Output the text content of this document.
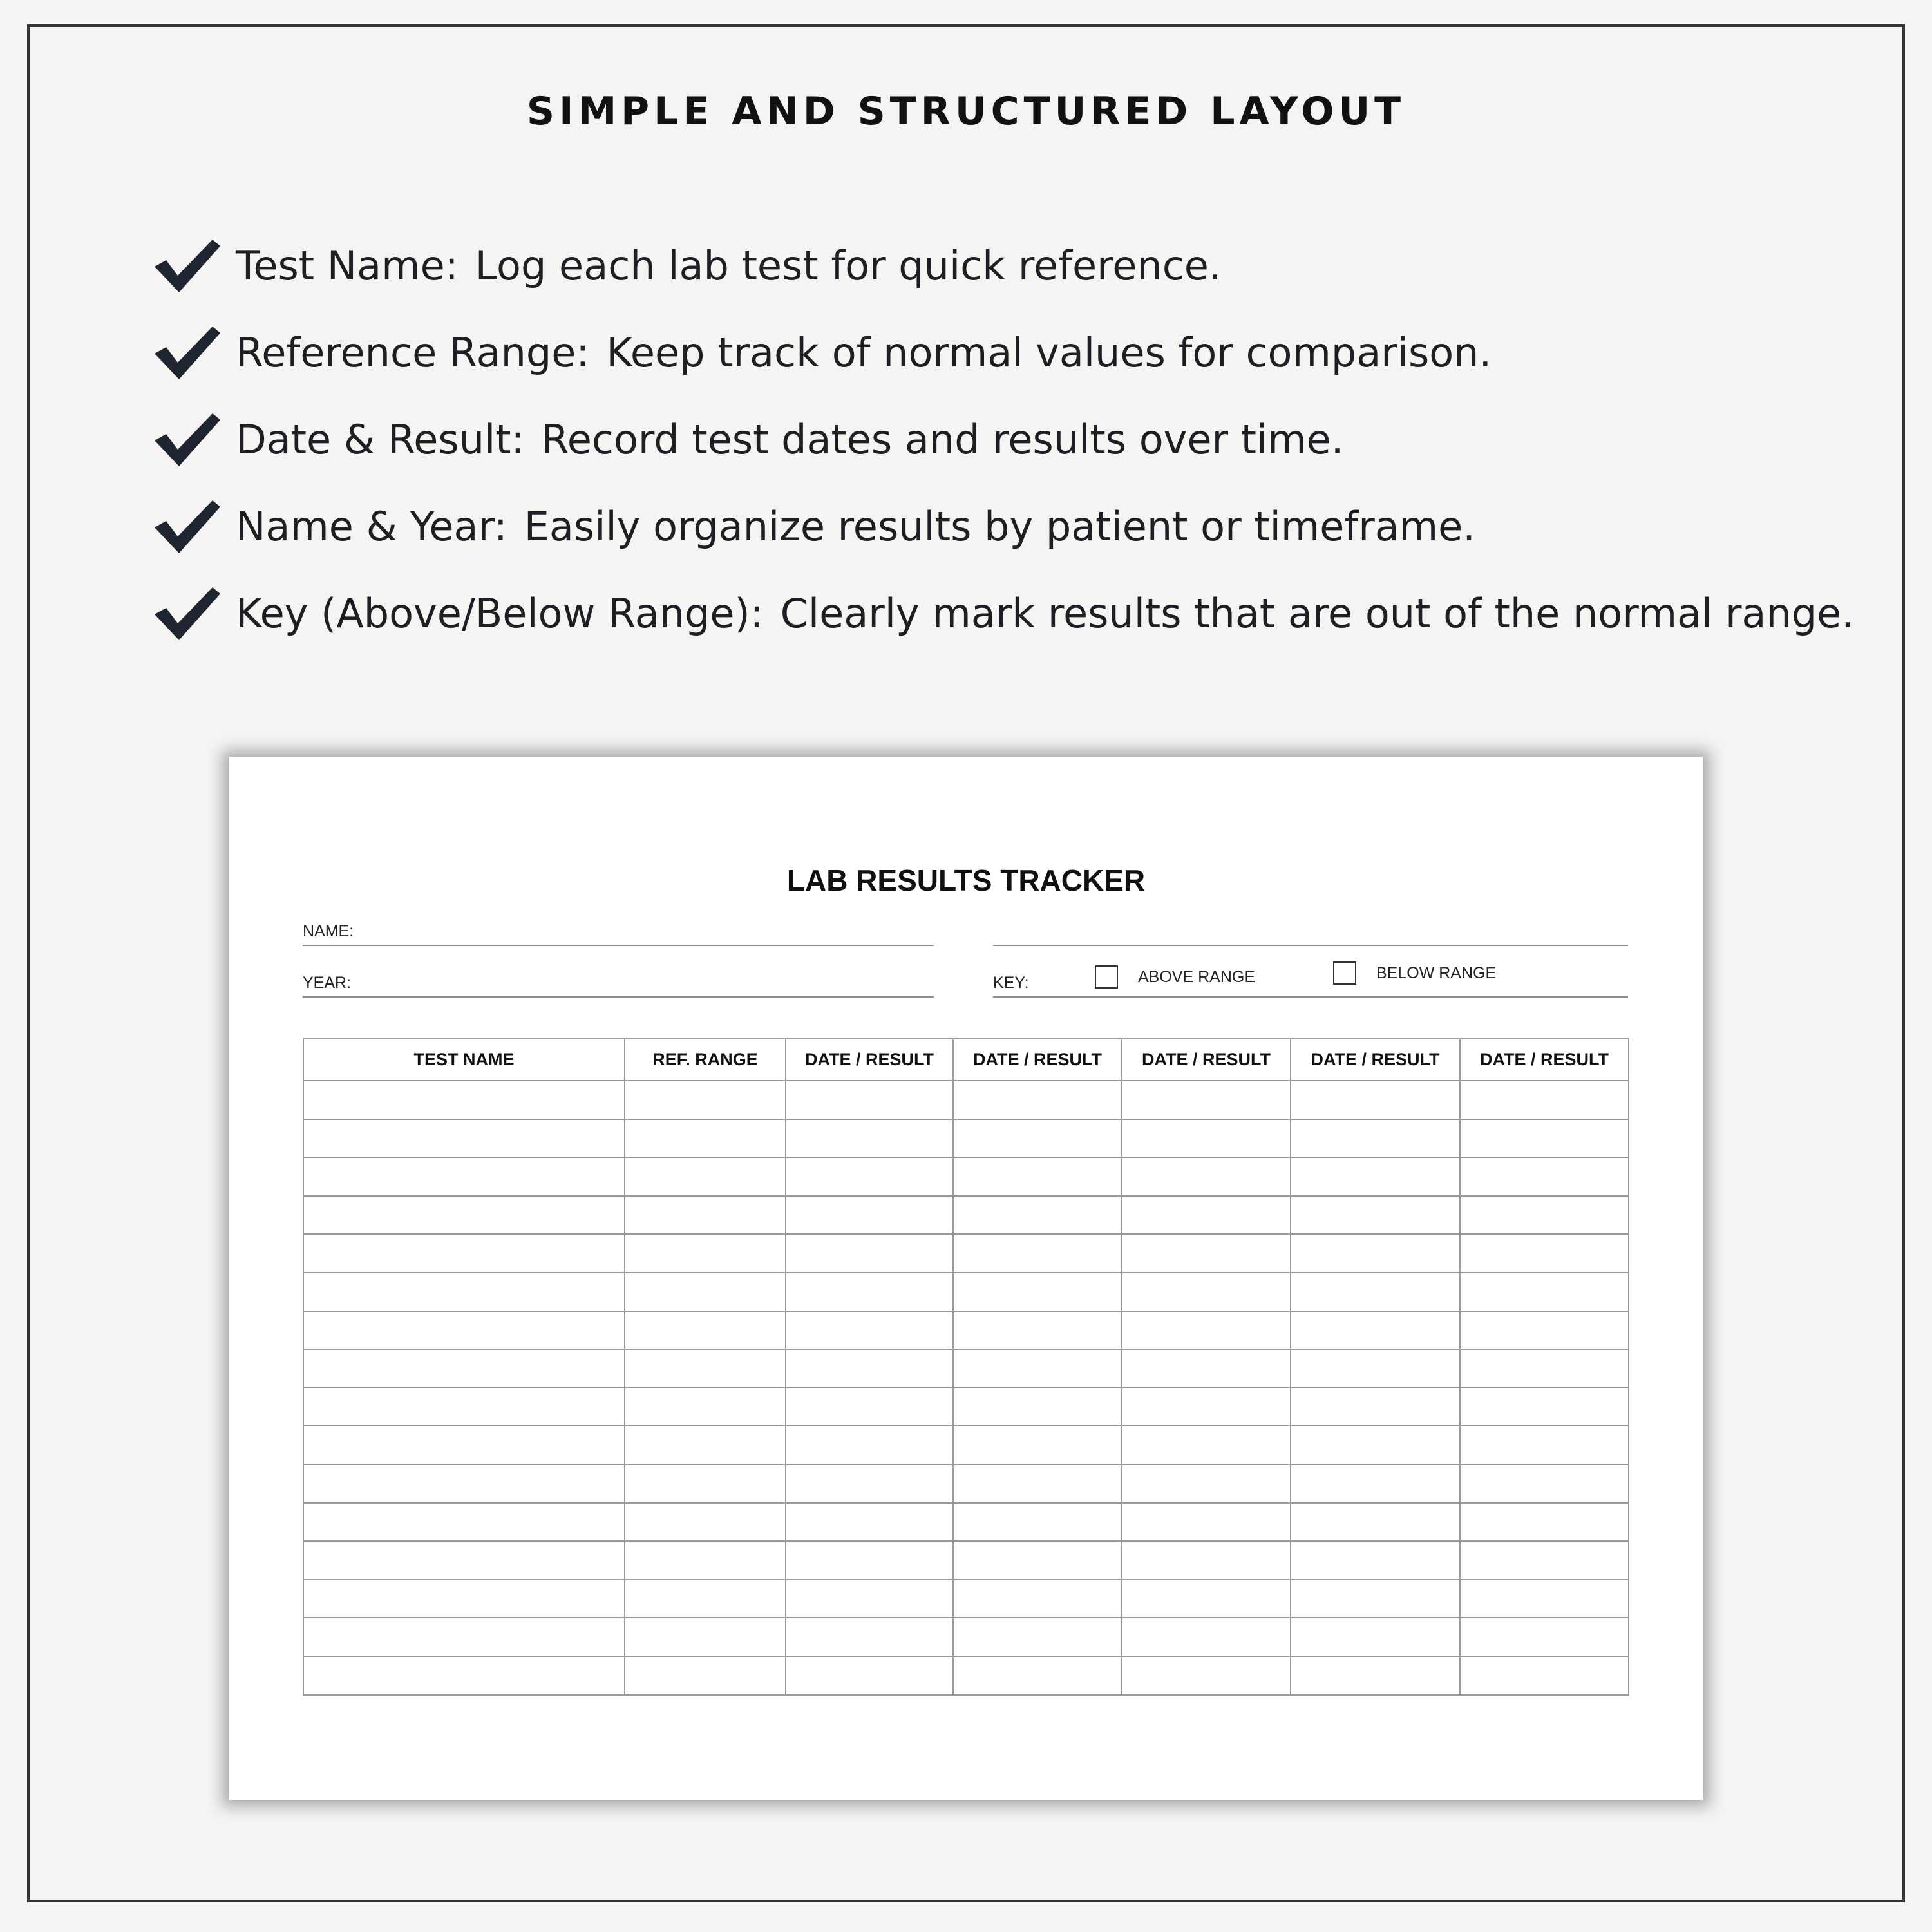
SIMPLE AND STRUCTURED LAYOUT
Test Name: Log each lab test for quick reference.
Reference Range: Keep track of normal values for comparison.
Date & Result: Record test dates and results over time.
Name & Year: Easily organize results by patient or timeframe.
Key (Above/Below Range): Clearly mark results that are out of the normal range.
LAB RESULTS TRACKER
NAME:
YEAR:	KEY:	ABOVE RANGE	BELOW RANGE
TEST NAME	REF. RANGE	DATE / RESULT	DATE / RESULT	DATE / RESULT	DATE / RESULT	DATE / RESULT
